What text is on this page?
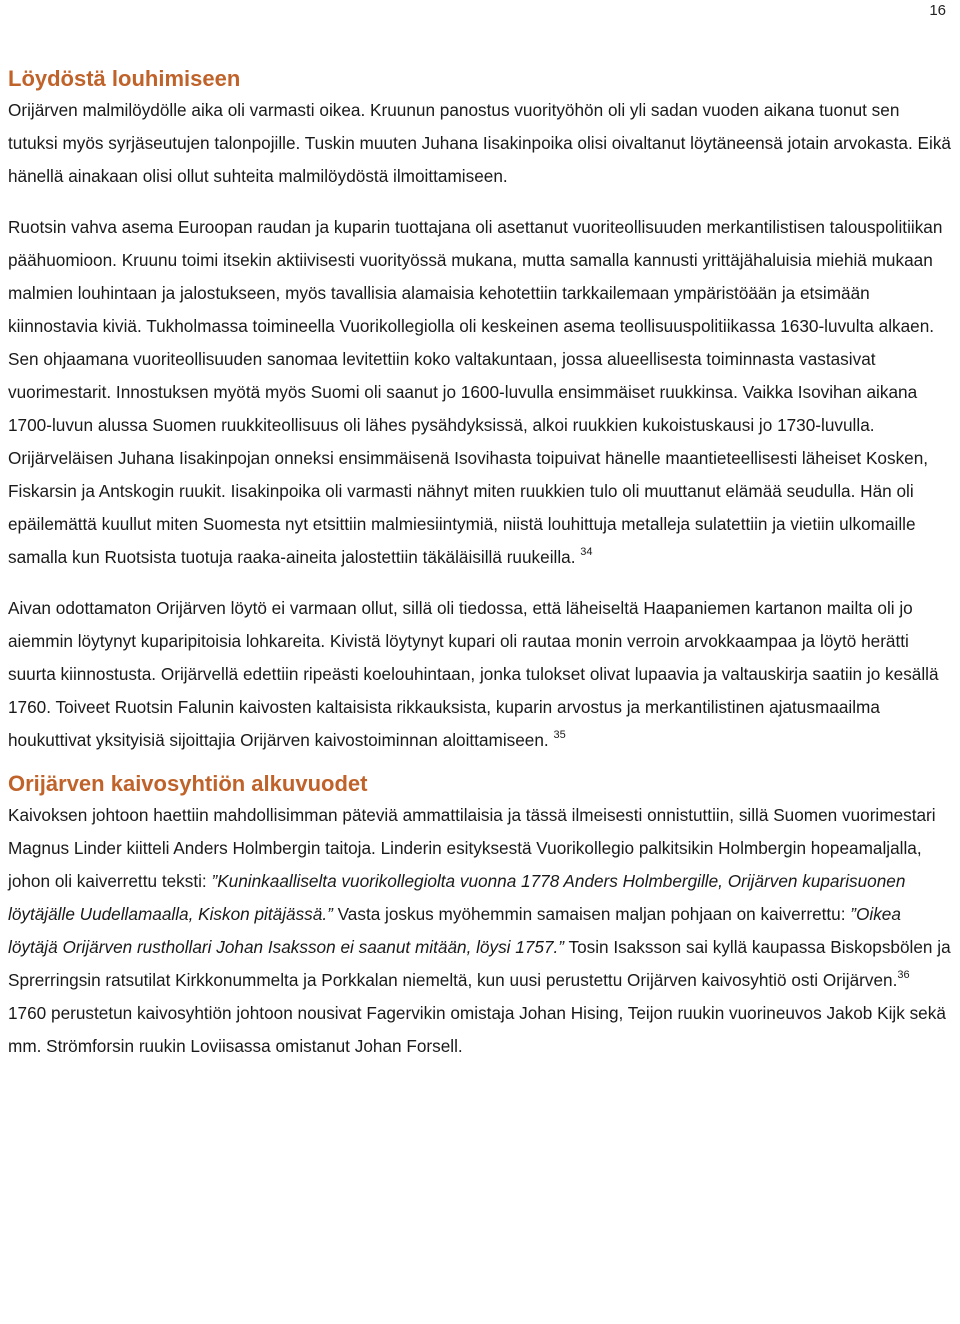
16
Löydöstä louhimiseen

Orijärven malmilöydölle aika oli varmasti oikea. Kruunun panostus vuorityöhön oli yli sadan vuoden aikana tuonut sen tutuksi myös syrjäseutujen talonpojille. Tuskin muuten Juhana Iisakinpoika olisi oivaltanut löytäneensä jotain arvokasta. Eikä hänellä ainakaan olisi ollut suhteita malmilöydöstä ilmoittamiseen.

Ruotsin vahva asema Euroopan raudan ja kuparin tuottajana oli asettanut vuoriteollisuuden merkantilistisen talouspolitiikan päähuomioon. Kruunu toimi itsekin aktiivisesti vuorityössä mukana, mutta samalla kannusti yrittäjähaluisia miehiä mukaan malmien louhintaan ja jalostukseen, myös tavallisia alamaisia kehotettiin tarkkailemaan ympäristöään ja etsimään kiinnostavia kiviä. Tukholmassa toimineella Vuorikollegiolla oli keskeinen asema teollisuuspolitiikassa 1630-luvulta alkaen. Sen ohjaamana vuoriteollisuuden sanomaa levitettiin koko valtakuntaan, jossa alueellisesta toiminnasta vastasivat vuorimestarit. Innostuksen myötä myös Suomi oli saanut jo 1600-luvulla ensimmäiset ruukkinsa. Vaikka Isovihan aikana 1700-luvun alussa Suomen ruukkiteollisuus oli lähes pysähdyksissä, alkoi ruukkien kukoistuskausi jo 1730-luvulla. Orijärveläisen Juhana Iisakinpojan onneksi ensimmäisenä Isovihasta toipuivat hänelle maantieteellisesti läheiset Kosken, Fiskarsin ja Antskogin ruukit. Iisakinpoika oli varmasti nähnyt miten ruukkien tulo oli muuttanut elämää seudulla. Hän oli epäilemättä kuullut miten Suomesta nyt etsittiin malmiesiintymiä, niistä louhittuja metalleja sulatettiin ja vietiin ulkomaille samalla kun Ruotsista tuotuja raaka-aineita jalostettiin täkäläisillä ruukeilla. $^{34}$

Aivan odottamaton Orijärven löytö ei varmaan ollut, sillä oli tiedossa, että läheiseltä Haapaniemen kartanon mailta oli jo aiemmin löytynyt kuparipitoisia lohkareita. Kivistä löytynyt kupari oli rautaa monin verroin arvokkaampaa ja löytö herätti suurta kiinnostusta. Orijärvellä edettiin ripeästi koelouhintaan, jonka tulokset olivat lupaavia ja valtauskirja saatiin jo kesällä 1760. Toiveet Ruotsin Falunin kaivosten kaltaisista rikkauksista, kuparin arvostus ja merkantilistinen ajatusmaailma houkuttivat yksityisiä sijoittajia Orijärven kaivostoiminnan aloittamiseen. $^{35}$

Orijärven kaivosyhtiön alkuvuodet

Kaivoksen johtoon haettiin mahdollisimman päteviä ammattilaisia ja tässä ilmeisesti onnistuttiin, sillä Suomen vuorimestari Magnus Linder kiitteli Anders Holmbergin taitoja. Linderin esityksestä Vuorikollegio palkitsikin Holmbergin hopeamaljalla, johon oli kaiverrettu teksti: ”Kuninkaalliselta vuorikollegiolta vuonna 1778 Anders Holmbergille, Orijärven kuparisuonen löytäjälle Uudellamaalla, Kiskon pitäjässä.” Vasta joskus myöhemmin samaisen maljan pohjaan on kaiverrettu: ”Oikea löytäjä Orijärven rusthollari Johan Isaksson ei saanut mitään, löysi 1757.” Tosin Isaksson sai kyllä kaupassa Biskopsbölen ja Sprerringsin ratsutilat Kirkkonummelta ja Porkkalan niemeltä, kun uusi perustettu Orijärven kaivosyhtiö osti Orijärven.$^{36}$ 1760 perustetun kaivosyhtiön johtoon nousivat Fagervikin omistaja Johan Hising, Teijon ruukin vuorineuvos Jakob Kijk sekä mm. Strömforsin ruukin Loviisassa omistanut Johan Forsell.
